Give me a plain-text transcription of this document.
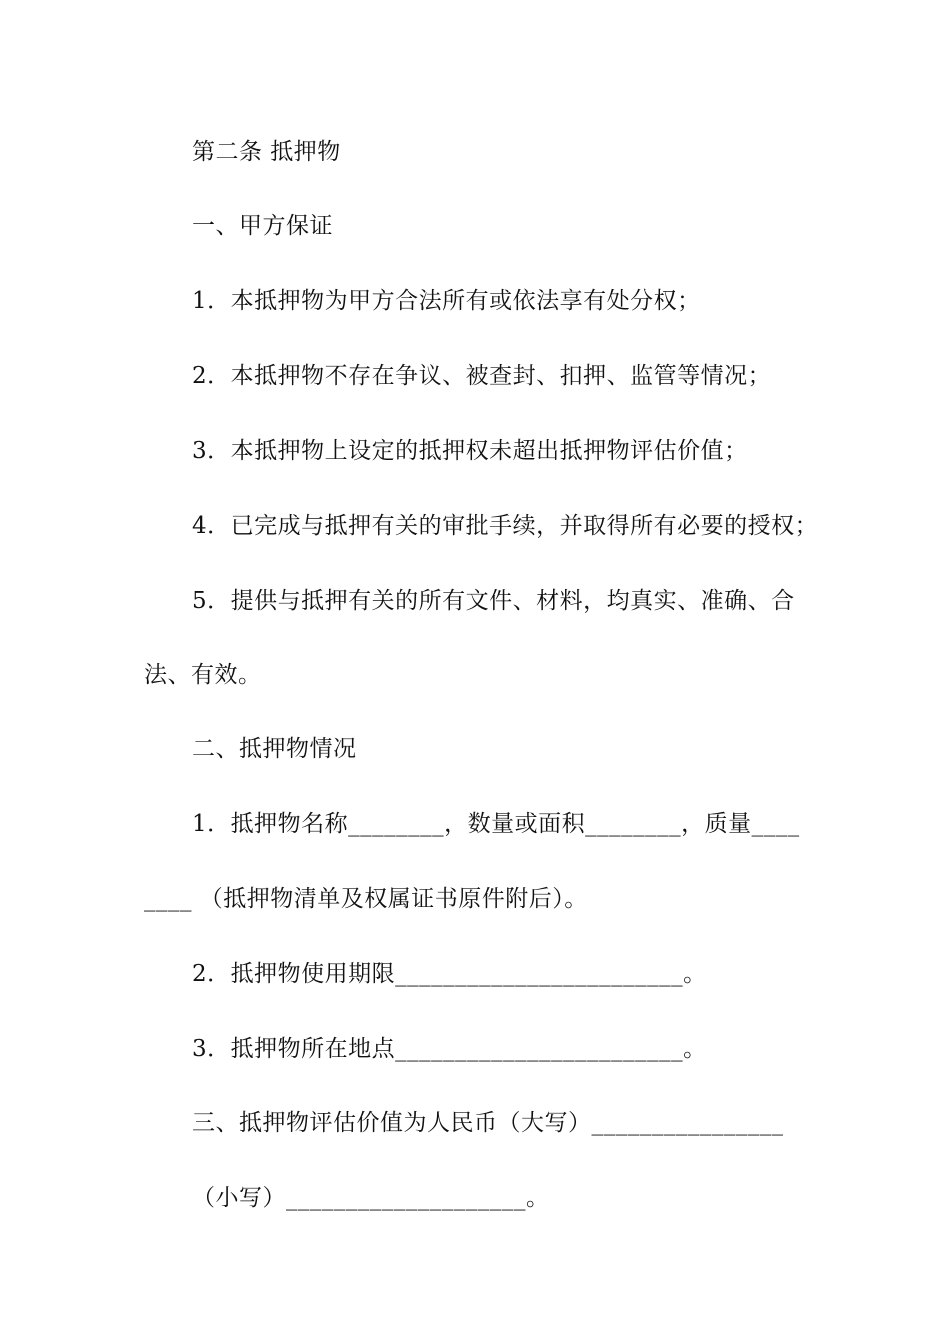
第二条 抵押物
一、甲方保证
1．本抵押物为甲方合法所有或依法享有处分权；
2．本抵押物不存在争议、被查封、扣押、监管等情况；
3．本抵押物上设定的抵押权未超出抵押物评估价值；
4．已完成与抵押有关的审批手续，并取得所有必要的授权；
5．提供与抵押有关的所有文件、材料，均真实、准确、合
法、有效。
二、抵押物情况
1．抵押物名称________，数量或面积________，质量____
____ （抵押物清单及权属证书原件附后）。
2．抵押物使用期限________________________。
3．抵押物所在地点________________________。
三、抵押物评估价值为人民币（大写）________________
（小写）____________________。
